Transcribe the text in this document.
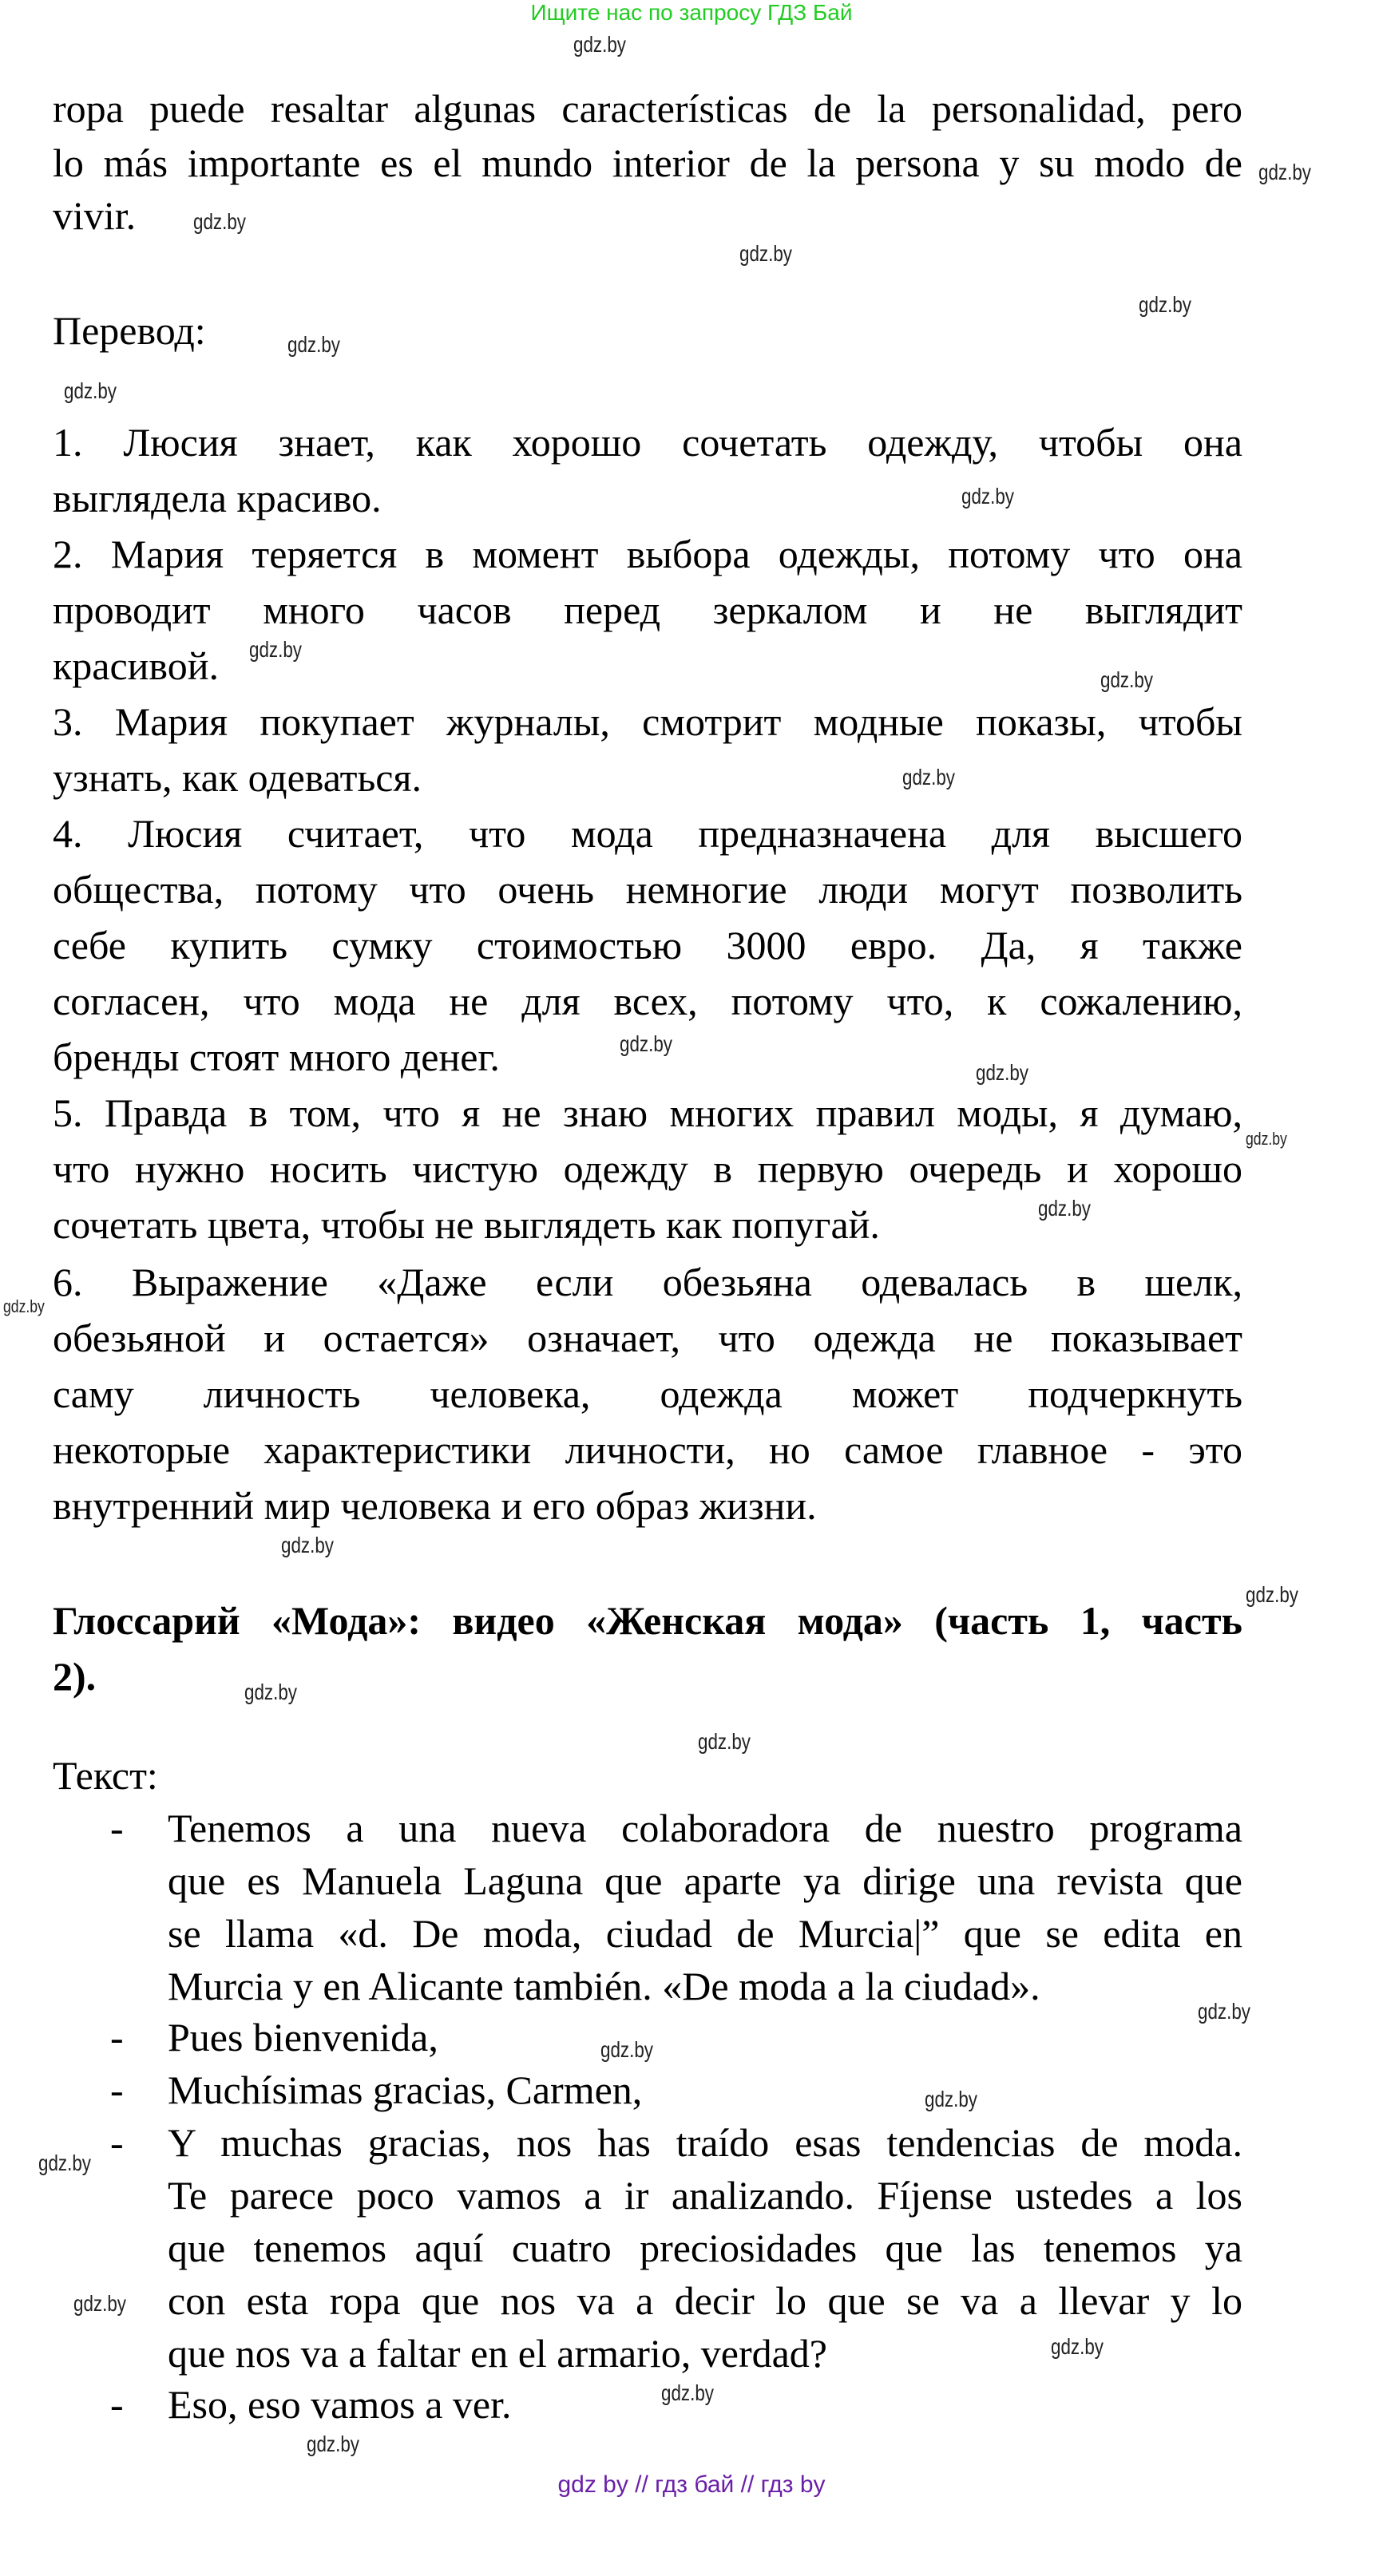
Ищите нас по запросу ГДЗ Бай
ropa puede resaltar algunas características de la personalidad, pero
lo más importante es el mundo interior de la persona y su modo de
vivir.
Перевод:
1. Люсия знает, как хорошо сочетать одежду, чтобы она
выглядела красиво.
2. Мария теряется в момент выбора одежды, потому что она
проводит много часов перед зеркалом и не выглядит
красивой.
3. Мария покупает журналы, смотрит модные показы, чтобы
узнать, как одеваться.
4. Люсия считает, что мода предназначена для высшего
общества, потому что очень немногие люди могут позволить
себе купить сумку стоимостью 3000 евро. Да, я также
согласен, что мода не для всех, потому что, к сожалению,
бренды стоят много денег.
5. Правда в том, что я не знаю многих правил моды, я думаю,
что нужно носить чистую одежду в первую очередь и хорошо
сочетать цвета, чтобы не выглядеть как попугай.
6. Выражение «Даже если обезьяна одевалась в шелк,
обезьяной и остается» означает, что одежда не показывает
саму личность человека, одежда может подчеркнуть
некоторые характеристики личности, но самое главное - это
внутренний мир человека и его образ жизни.
Глоссарий «Мода»: видео «Женская мода» (часть 1, часть
2).
Текст:
- Tenemos a una nueva colaboradora de nuestro programa
que es Manuela Laguna que aparte ya dirige una revista que
se llama «d. De moda, ciudad de Murcia|” que se edita en
Murcia y en Alicante también. «De moda a la ciudad».
- Pues bienvenida,
- Muchísimas gracias, Carmen,
- Y muchas gracias, nos has traído esas tendencias de moda.
Te parece poco vamos a ir analizando. Fíjense ustedes a los
que tenemos aquí cuatro preciosidades que las tenemos ya
con esta ropa que nos va a decir lo que se va a llevar y lo
que nos va a faltar en el armario, verdad?
- Eso, eso vamos a ver.
gdz.by
gdz.by
gdz.by
gdz.by
gdz.by
gdz.by
gdz.by
gdz.by
gdz.by
gdz.by
gdz.by
gdz.by
gdz.by
gdz.by
gdz.by
gdz.by
gdz.by
gdz.by
gdz.by
gdz.by
gdz.by
gdz.by
gdz.by
gdz.by
gdz.by
gdz.by
gdz.by
gdz.by
gdz by // гдз бай // гдз by
